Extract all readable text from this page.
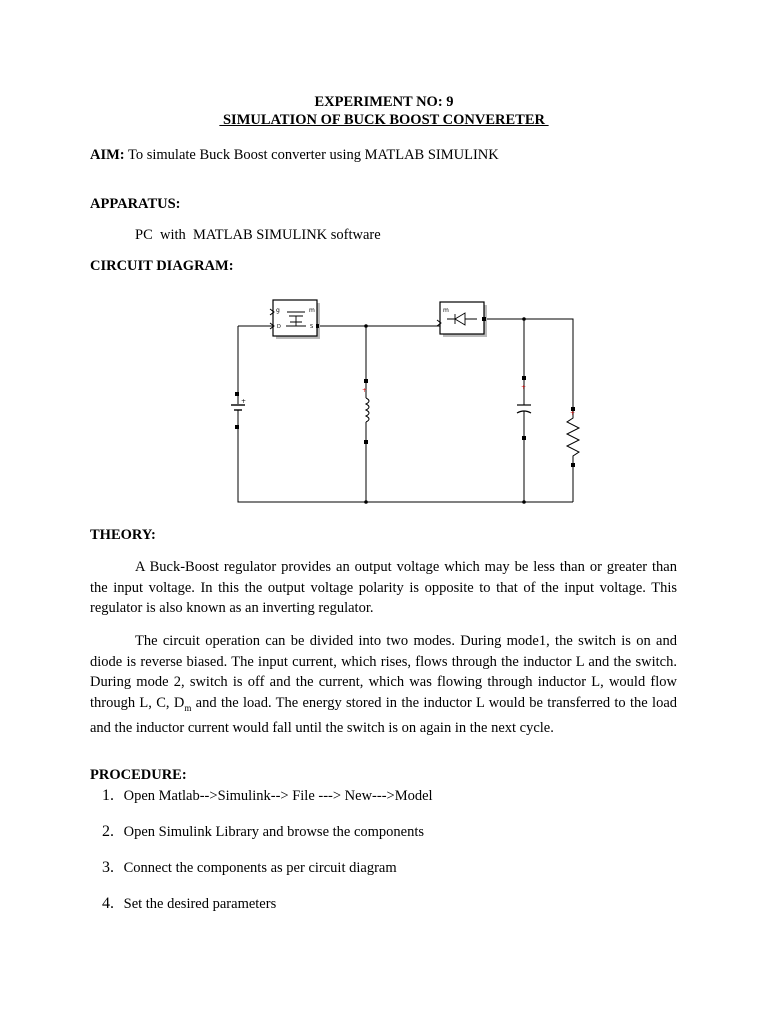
EXPERIMENT NO: 9
SIMULATION OF BUCK BOOST CONVERETER
AIM: To simulate Buck Boost converter using MATLAB SIMULINK
APPARATUS:
PC  with  MATLAB SIMULINK software
CIRCUIT DIAGRAM:
+
g	m
D	S
+
m
+
+
THEORY:
A Buck-Boost regulator provides an output voltage which may be less than or greater than the input voltage. In this the output voltage polarity is opposite to that of the input voltage. This regulator is also known as an inverting regulator.
The circuit operation can be divided into two modes. During mode1, the switch is on and diode is reverse biased. The input current, which rises, flows through the inductor L and the switch. During mode 2, switch is off and the current, which was flowing through inductor L, would flow through L, C, $D_m$ and the load. The energy stored in the inductor L would be transferred to the load and the inductor current would fall until the switch is on again in the next cycle.
PROCEDURE:
1. Open Matlab-->Simulink--> File ---> New--->Model
2. Open Simulink Library and browse the components
3. Connect the components as per circuit diagram
4. Set the desired parameters
